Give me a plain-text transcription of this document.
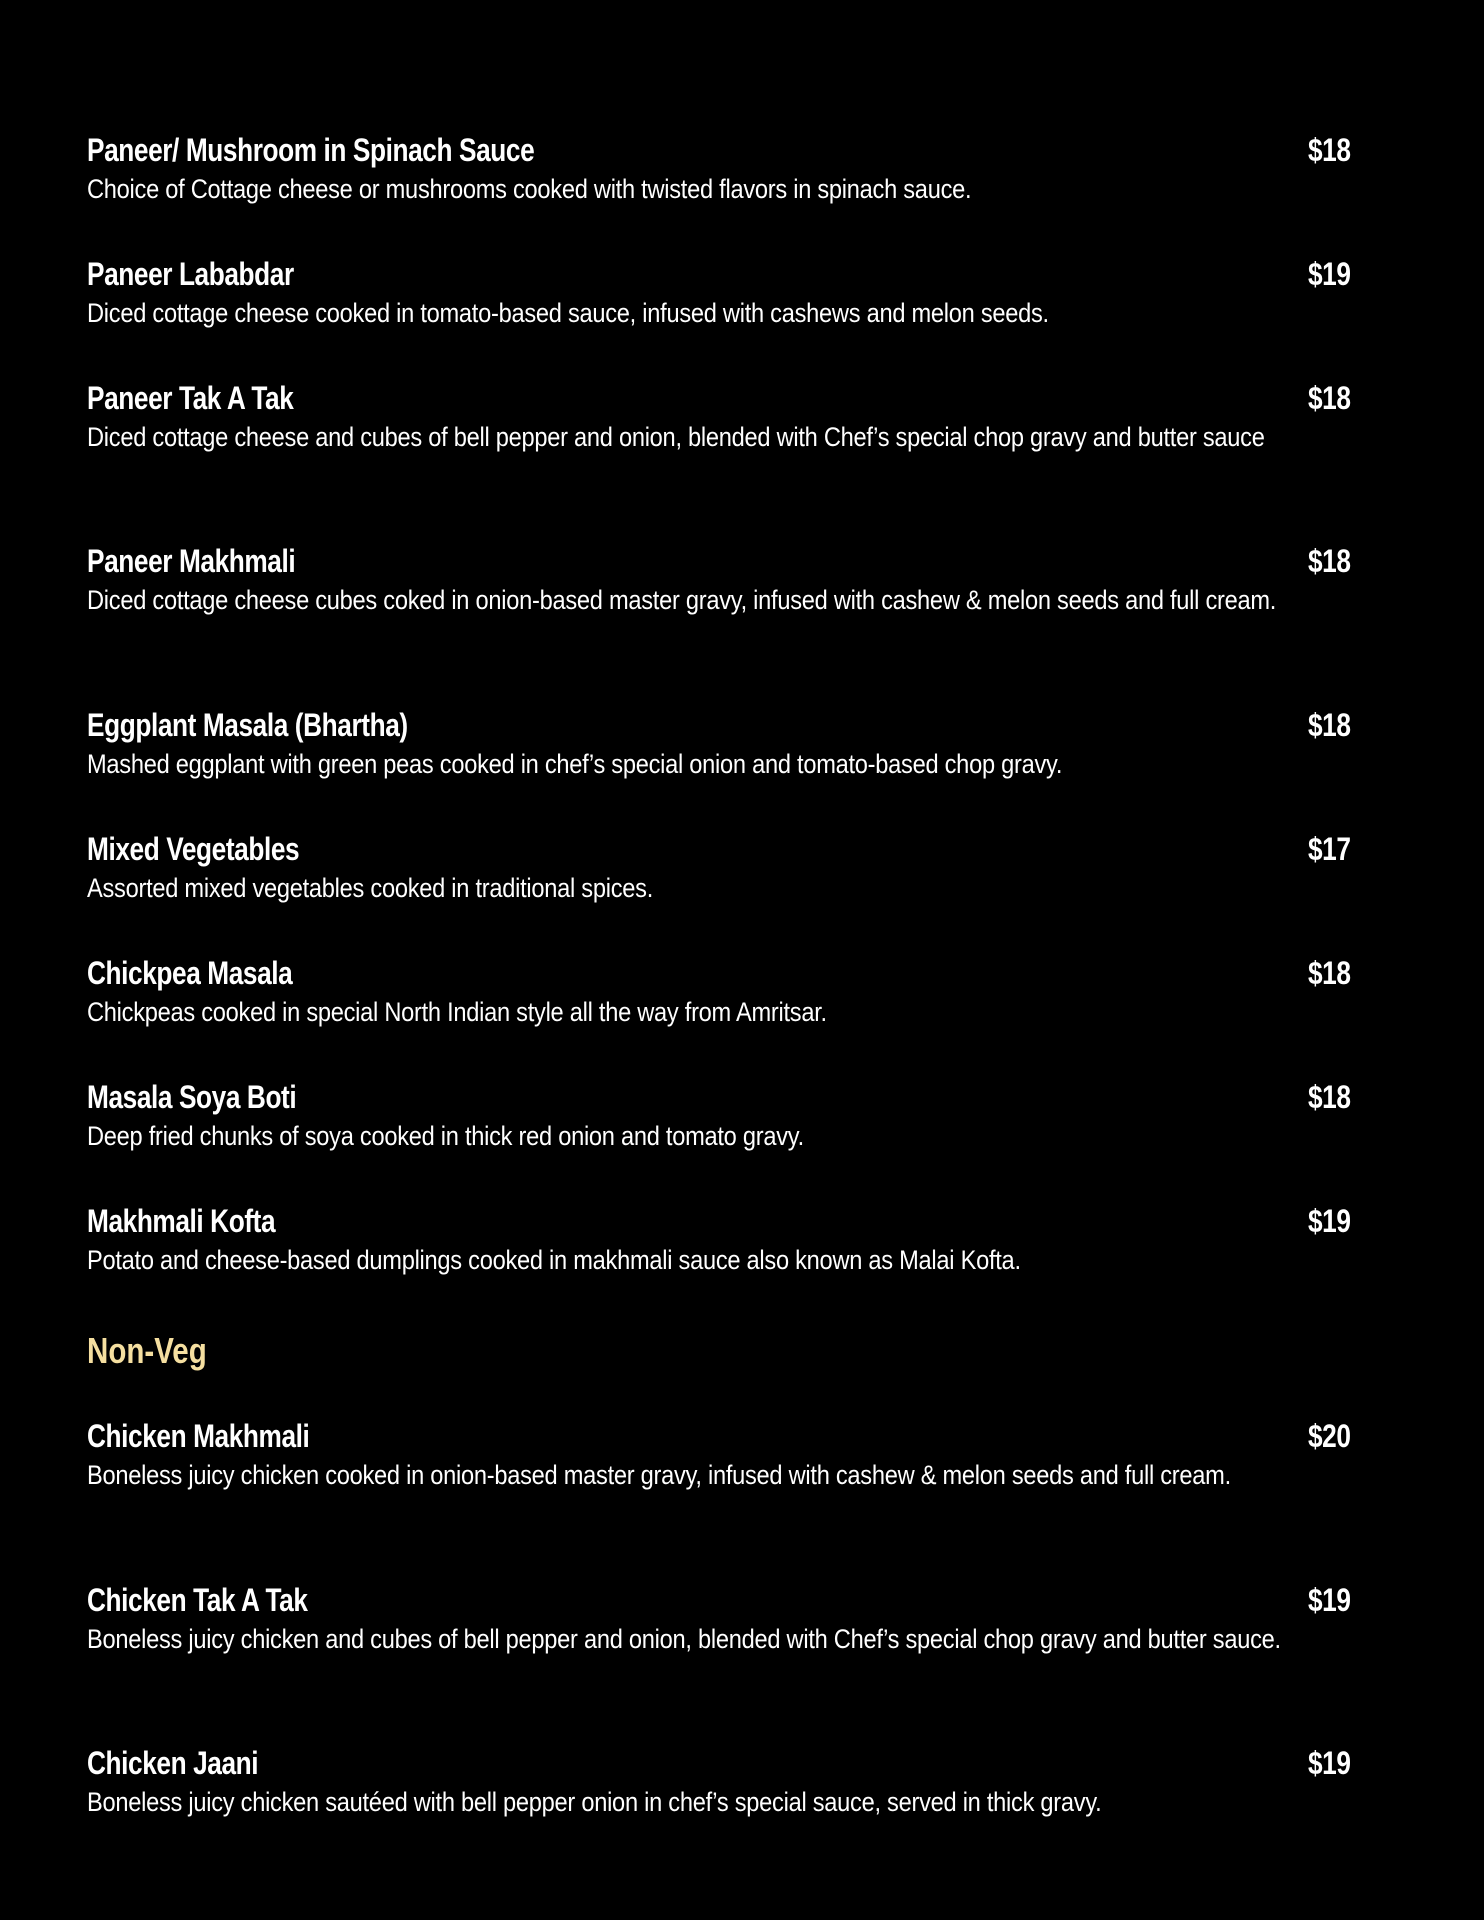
Paneer/ Mushroom in Spinach Sauce	$18
Choice of Cottage cheese or mushrooms cooked with twisted flavors in spinach sauce.
Paneer Lababdar	$19
Diced cottage cheese cooked in tomato-based sauce, infused with cashews and melon seeds.
Paneer Tak A Tak	$18
Diced cottage cheese and cubes of bell pepper and onion, blended with Chef’s special chop gravy and butter sauce
Paneer Makhmali	$18
Diced cottage cheese cubes coked in onion-based master gravy, infused with cashew & melon seeds and full cream.
Eggplant Masala (Bhartha)	$18
Mashed eggplant with green peas cooked in chef’s special onion and tomato-based chop gravy.
Mixed Vegetables	$17
Assorted mixed vegetables cooked in traditional spices.
Chickpea Masala	$18
Chickpeas cooked in special North Indian style all the way from Amritsar.
Masala Soya Boti	$18
Deep fried chunks of soya cooked in thick red onion and tomato gravy.
Makhmali Kofta	$19
Potato and cheese-based dumplings cooked in makhmali sauce also known as Malai Kofta.
Non-Veg
Chicken Makhmali	$20
Boneless juicy chicken cooked in onion-based master gravy, infused with cashew & melon seeds and full cream.
Chicken Tak A Tak	$19
Boneless juicy chicken and cubes of bell pepper and onion, blended with Chef’s special chop gravy and butter sauce.
Chicken Jaani	$19
Boneless juicy chicken sautéed with bell pepper onion in chef’s special sauce, served in thick gravy.
